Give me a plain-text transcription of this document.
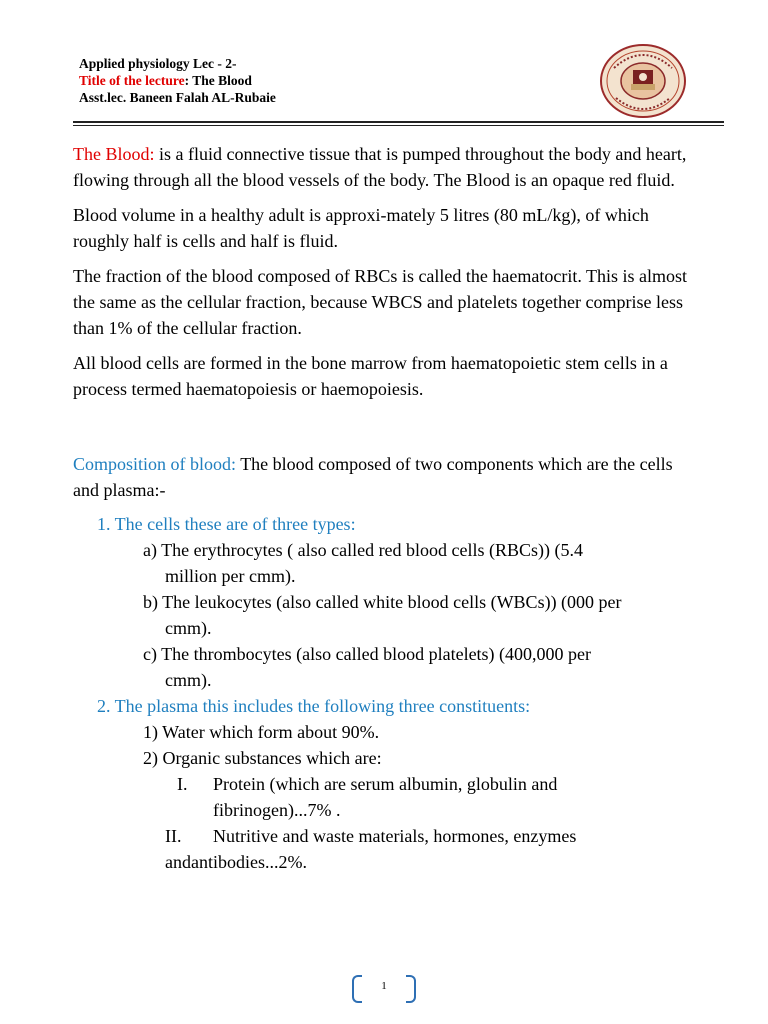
Applied physiology Lec - 2-
Title of the lecture: The Blood
Asst.lec. Baneen Falah AL-Rubaie

The Blood: is a fluid connective tissue that is pumped throughout the body and heart, flowing through all the blood vessels of the body. The Blood is an opaque red fluid.

Blood volume in a healthy adult is approxi-mately 5 litres (80 mL/kg), of which roughly half is cells and half is fluid.

The fraction of the blood composed of RBCs is called the haematocrit. This is almost the same as the cellular fraction, because WBCS and platelets together comprise less than 1% of the cellular fraction.

All blood cells are formed in the bone marrow from haematopoietic stem cells in a process termed haematopoiesis or haemopoiesis.

Composition of blood: The blood composed of two components which are the cells and plasma:-

1. The cells these are of three types:
a) The erythrocytes ( also called red blood cells (RBCs)) (5.4
million per cmm).
b) The leukocytes (also called white blood cells (WBCs)) (000 per
cmm).
c) The thrombocytes (also called blood platelets) (400,000 per
cmm).
2. The plasma this includes the following three constituents:
1) Water which form about 90%.
2) Organic substances which are:
I. Protein (which are serum albumin, globulin and
fibrinogen)...7% .
II. Nutritive and waste materials, hormones, enzymes andantibodies...2%.
1
